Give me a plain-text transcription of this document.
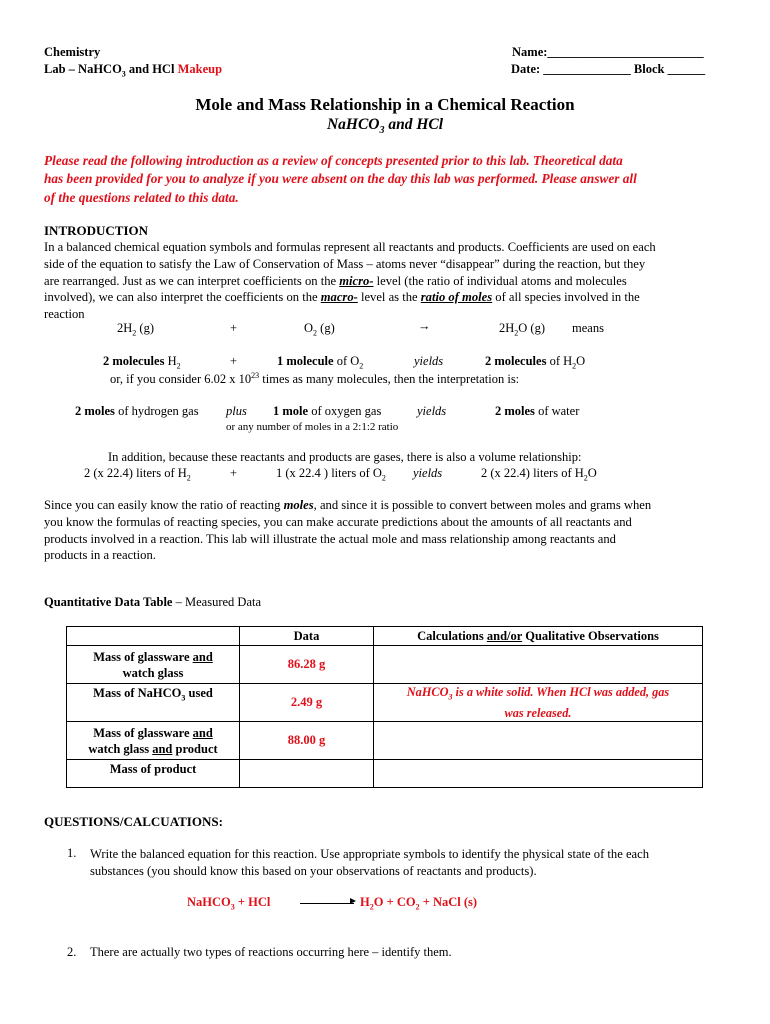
Chemistry
Lab – NaHCO$_3$ and HCl Makeup
Name:_________________________
Date: ______________ Block ______
Mole and Mass Relationship in a Chemical Reaction
NaHCO$_3$ and HCl
Please read the following introduction as a review of concepts presented prior to this lab. Theoretical data
has been provided for you to analyze if you were absent on the day this lab was performed. Please answer all
of the questions related to this data.
INTRODUCTION
In a balanced chemical equation symbols and formulas represent all reactants and products. Coefficients are used on each
side of the equation to satisfy the Law of Conservation of Mass – atoms never “disappear” during the reaction, but they
are rearranged. Just as we can interpret coefficients on the micro- level (the ratio of individual atoms and molecules
involved), we can also interpret the coefficients on the macro- level as the ratio of moles of all species involved in the
reaction
$2H_2$ (g)	+	$O_2$ (g)	→	$2H_2O$ (g) means
2 molecules $H_2$	+	1 molecule of $O_2$	yields	2 molecules of $H_2O$
or, if you consider 6.02 x $10^{23}$ times as many molecules, then the interpretation is:
2 moles of hydrogen gas plus 1 mole of oxygen gas	yields	2 moles of water
or any number of moles in a 2:1:2 ratio
In addition, because these reactants and products are gases, there is also a volume relationship:
2 (x 22.4) liters of $H_2$	+	1 (x 22.4 ) liters of $O_2$ yields	2 (x 22.4) liters of $H_2O$
Since you can easily know the ratio of reacting moles, and since it is possible to convert between moles and grams when
you know the formulas of reacting species, you can make accurate predictions about the amounts of all reactants and
products involved in a reaction. This lab will illustrate the actual mole and mass relationship among reactants and
products in a reaction.
Quantitative Data Table – Measured Data
	Data	Calculations and/or Qualitative Observations
Mass of glassware and
watch glass	86.28 g	
Mass of NaHCO$_3$ used	2.49 g	NaHCO$_3$ is a white solid. When HCl was added, gas
was released.
Mass of glassware and
watch glass and product	88.00 g	
Mass of product		
QUESTIONS/CALCUATIONS:
1. Write the balanced equation for this reaction. Use appropriate symbols to identify the physical state of the each
substances (you should know this based on your observations of reactants and products).
NaHCO$_3$ + HCl	$H_2O + CO_2$ + NaCl (s)
2. There are actually two types of reactions occurring here – identify them.
